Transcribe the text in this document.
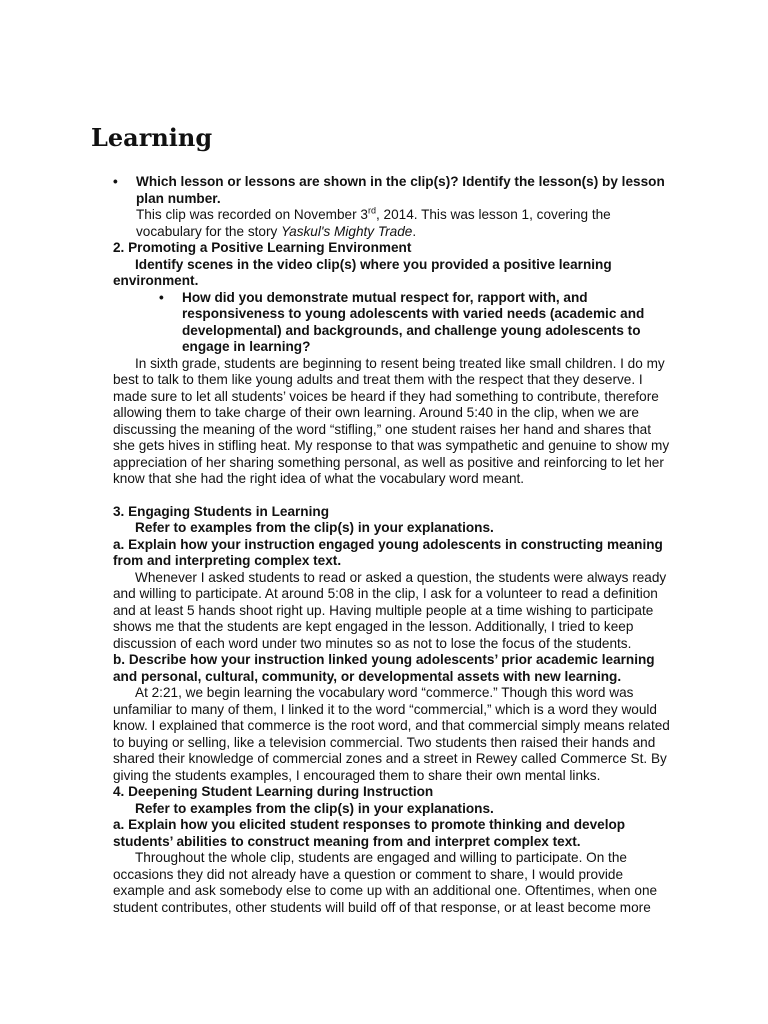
Learning
•	Which lesson or lessons are shown in the clip(s)? Identify the lesson(s) by lesson plan number.

This clip was recorded on November 3rd, 2014. This was lesson 1, covering the vocabulary for the story Yaskul's Mighty Trade.

2. Promoting a Positive Learning Environment

Identify scenes in the video clip(s) where you provided a positive learning environment.

•	How did you demonstrate mutual respect for, rapport with, and responsiveness to young adolescents with varied needs (academic and developmental) and backgrounds, and challenge young adolescents to engage in learning?

In sixth grade, students are beginning to resent being treated like small children. I do my best to talk to them like young adults and treat them with the respect that they deserve. I made sure to let all students’ voices be heard if they had something to contribute, therefore allowing them to take charge of their own learning. Around 5:40 in the clip, when we are discussing the meaning of the word “stifling,” one student raises her hand and shares that she gets hives in stifling heat. My response to that was sympathetic and genuine to show my appreciation of her sharing something personal, as well as positive and reinforcing to let her know that she had the right idea of what the vocabulary word meant.

3. Engaging Students in Learning

Refer to examples from the clip(s) in your explanations.

a. Explain how your instruction engaged young adolescents in constructing meaning from and interpreting complex text.

Whenever I asked students to read or asked a question, the students were always ready and willing to participate. At around 5:08 in the clip, I ask for a volunteer to read a definition and at least 5 hands shoot right up. Having multiple people at a time wishing to participate shows me that the students are kept engaged in the lesson. Additionally, I tried to keep discussion of each word under two minutes so as not to lose the focus of the students.

b. Describe how your instruction linked young adolescents’ prior academic learning and personal, cultural, community, or developmental assets with new learning.

At 2:21, we begin learning the vocabulary word “commerce.” Though this word was unfamiliar to many of them, I linked it to the word “commercial,” which is a word they would know. I explained that commerce is the root word, and that commercial simply means related to buying or selling, like a television commercial. Two students then raised their hands and shared their knowledge of commercial zones and a street in Rewey called Commerce St. By giving the students examples, I encouraged them to share their own mental links.

4. Deepening Student Learning during Instruction

Refer to examples from the clip(s) in your explanations.

a. Explain how you elicited student responses to promote thinking and develop students’ abilities to construct meaning from and interpret complex text.

Throughout the whole clip, students are engaged and willing to participate. On the occasions they did not already have a question or comment to share, I would provide example and ask somebody else to come up with an additional one. Oftentimes, when one student contributes, other students will build off of that response, or at least become more
